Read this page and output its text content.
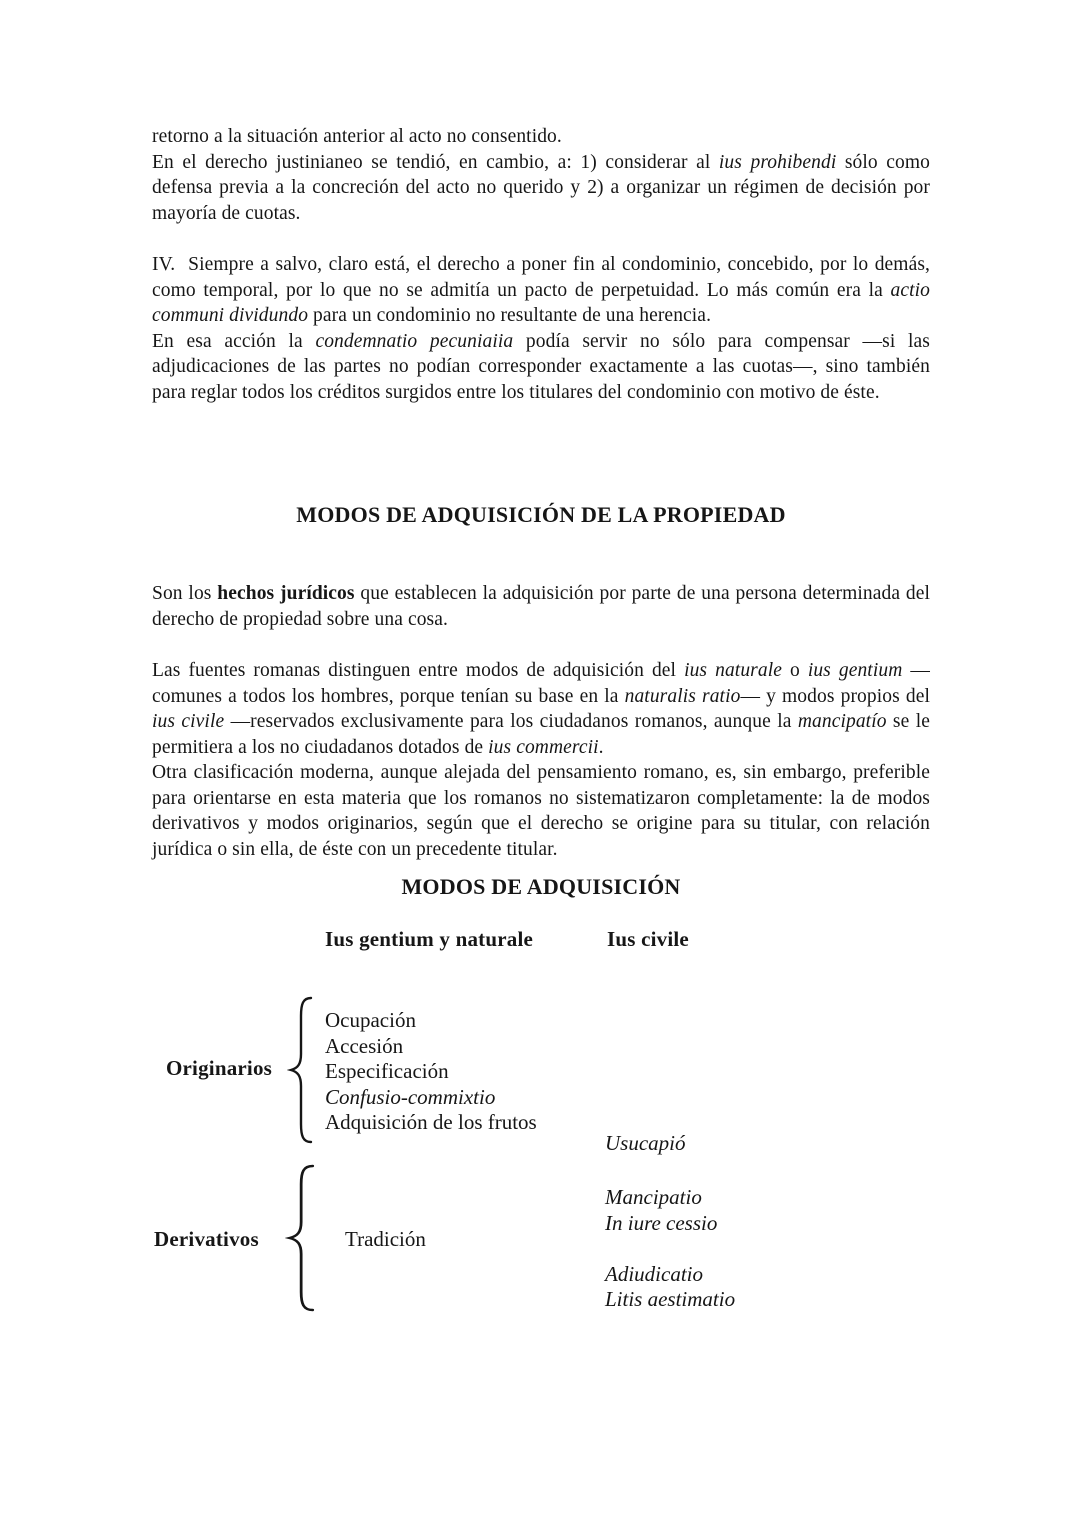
retorno a la situación anterior al acto no consentido.
En el derecho justinianeo se tendió, en cambio, a: 1) considerar al ius prohibendi sólo como defensa previa a la concreción del acto no querido y 2) a organizar un régimen de decisión por mayoría de cuotas.
IV.  Siempre a salvo, claro está, el derecho a poner fin al condominio, concebido, por lo demás, como temporal, por lo que no se admitía un pacto de perpetuidad. Lo más común era la actio communi dividundo para un condominio no resultante de una herencia.
En esa acción la condemnatio pecuniaiia podía servir no sólo para compensar —si las adjudicaciones de las partes no podían corresponder exactamente a las cuotas—, sino también para reglar todos los créditos surgidos entre los titulares del condominio con motivo de éste.
MODOS DE ADQUISICIÓN DE LA PROPIEDAD
Son los hechos jurídicos que establecen la adquisición por parte de una persona determinada del derecho de propiedad sobre una cosa.
Las fuentes romanas distinguen entre modos de adquisición del ius naturale o ius gentium —comunes a todos los hombres, porque tenían su base en la naturalis ratio— y modos propios del ius civile —reservados exclusivamente para los ciudadanos romanos, aunque la mancipatío se le permitiera a los no ciudadanos dotados de ius commercii.
Otra clasificación moderna, aunque alejada del pensamiento romano, es, sin embargo, preferible para orientarse en esta materia que los romanos no sistematizaron completamente: la de modos derivativos y modos originarios, según que el derecho se origine para su titular, con relación jurídica o sin ella, de éste con un precedente titular.
MODOS DE ADQUISICIÓN
Ius gentium y naturale	Ius civile
Originarios
Ocupación
Accesión
Especificación
Confusio-commixtio
Adquisición de los frutos
Usucapió
Derivativos	Tradición
Mancipatio
In iure cessio

Adiudicatio
Litis aestimatio
